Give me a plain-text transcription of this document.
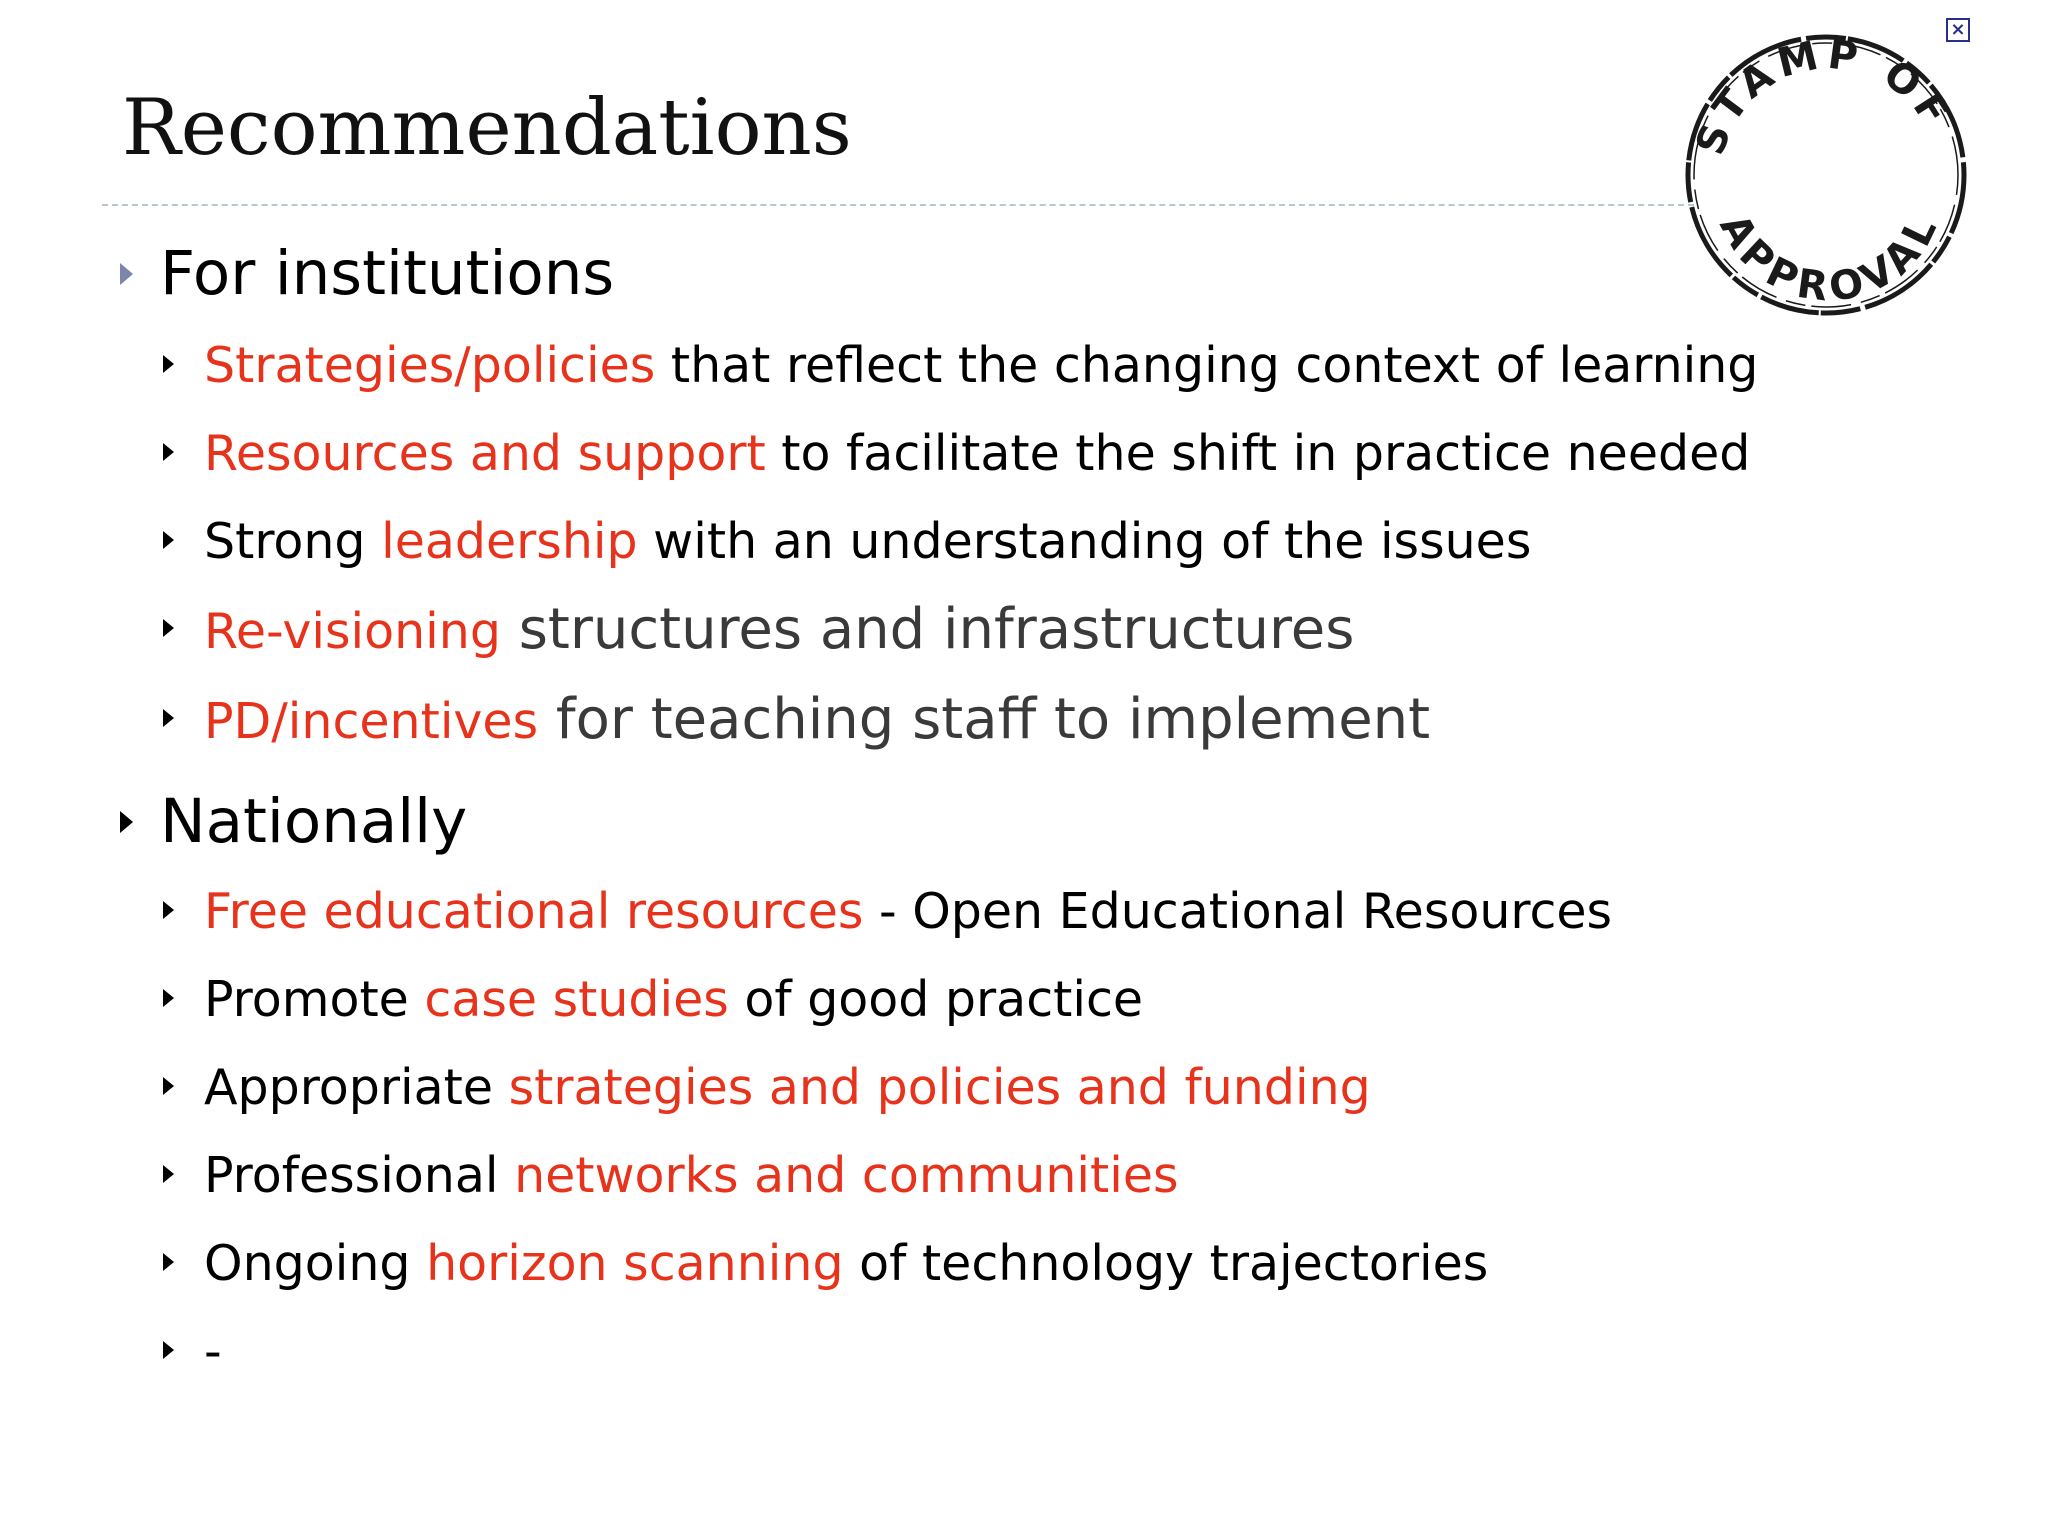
Recommendations	STAMP OF
APPROVAL
×
For institutions
Strategies/policies that reflect the changing context of learning
Resources and support to facilitate the shift in practice needed
Strong leadership with an understanding of the issues
Re-visioning structures and infrastructures
PD/incentives for teaching staff to implement
Nationally
Free educational resources - Open Educational Resources
Promote case studies of good practice
Appropriate strategies and policies and funding
Professional networks and communities
Ongoing horizon scanning of technology trajectories
-
